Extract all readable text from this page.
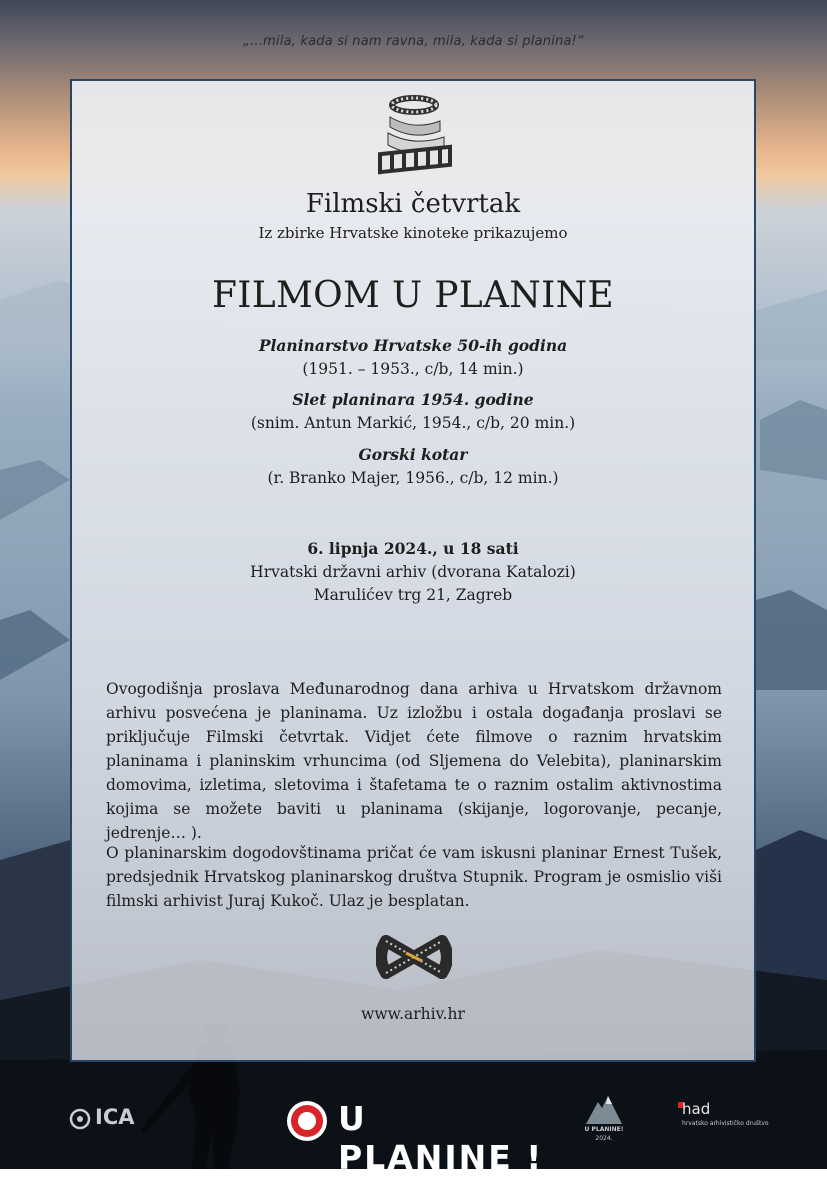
„...mila, kada si nam ravna, mila, kada si planina!“
Filmski četvrtak
Iz zbirke Hrvatske kinoteke prikazujemo
FILMOM U PLANINE
Planinarstvo Hrvatske 50-ih godina
(1951. – 1953., c/b, 14 min.)
Slet planinara 1954. godine
(snim. Antun Markić, 1954., c/b, 20 min.)
Gorski kotar
(r. Branko Majer, 1956., c/b, 12 min.)
6. lipnja 2024., u 18 sati
Hrvatski državni arhiv (dvorana Katalozi)
Marulićev trg 21, Zagreb

Ovogodišnja proslava Međunarodnog dana arhiva u Hrvatskom državnom arhivu posvećena je planinama. Uz izložbu i ostala događanja proslavi se priključuje Filmski četvrtak. Vidjet ćete filmove o raznim hrvatskim planinama i planinskim vrhuncima (od Sljemena do Velebita), planinarskim domovima, izletima, sletovima i štafetama te o raznim ostalim aktivnostima kojima se možete baviti u planinama (skijanje, logorovanje, pecanje, jedrenje… ).

O planinarskim dogodovštinama pričat će vam iskusni planinar Ernest Tušek, predsjednik Hrvatskog planinarskog društva Stupnik. Program je osmislio viši filmski arhivist Juraj Kukoč. Ulaz je besplatan.

www.arhiv.hr
ICA	U PLANINE !
U PLANINE!
2024.
had
hrvatsko arhivističko društvo
